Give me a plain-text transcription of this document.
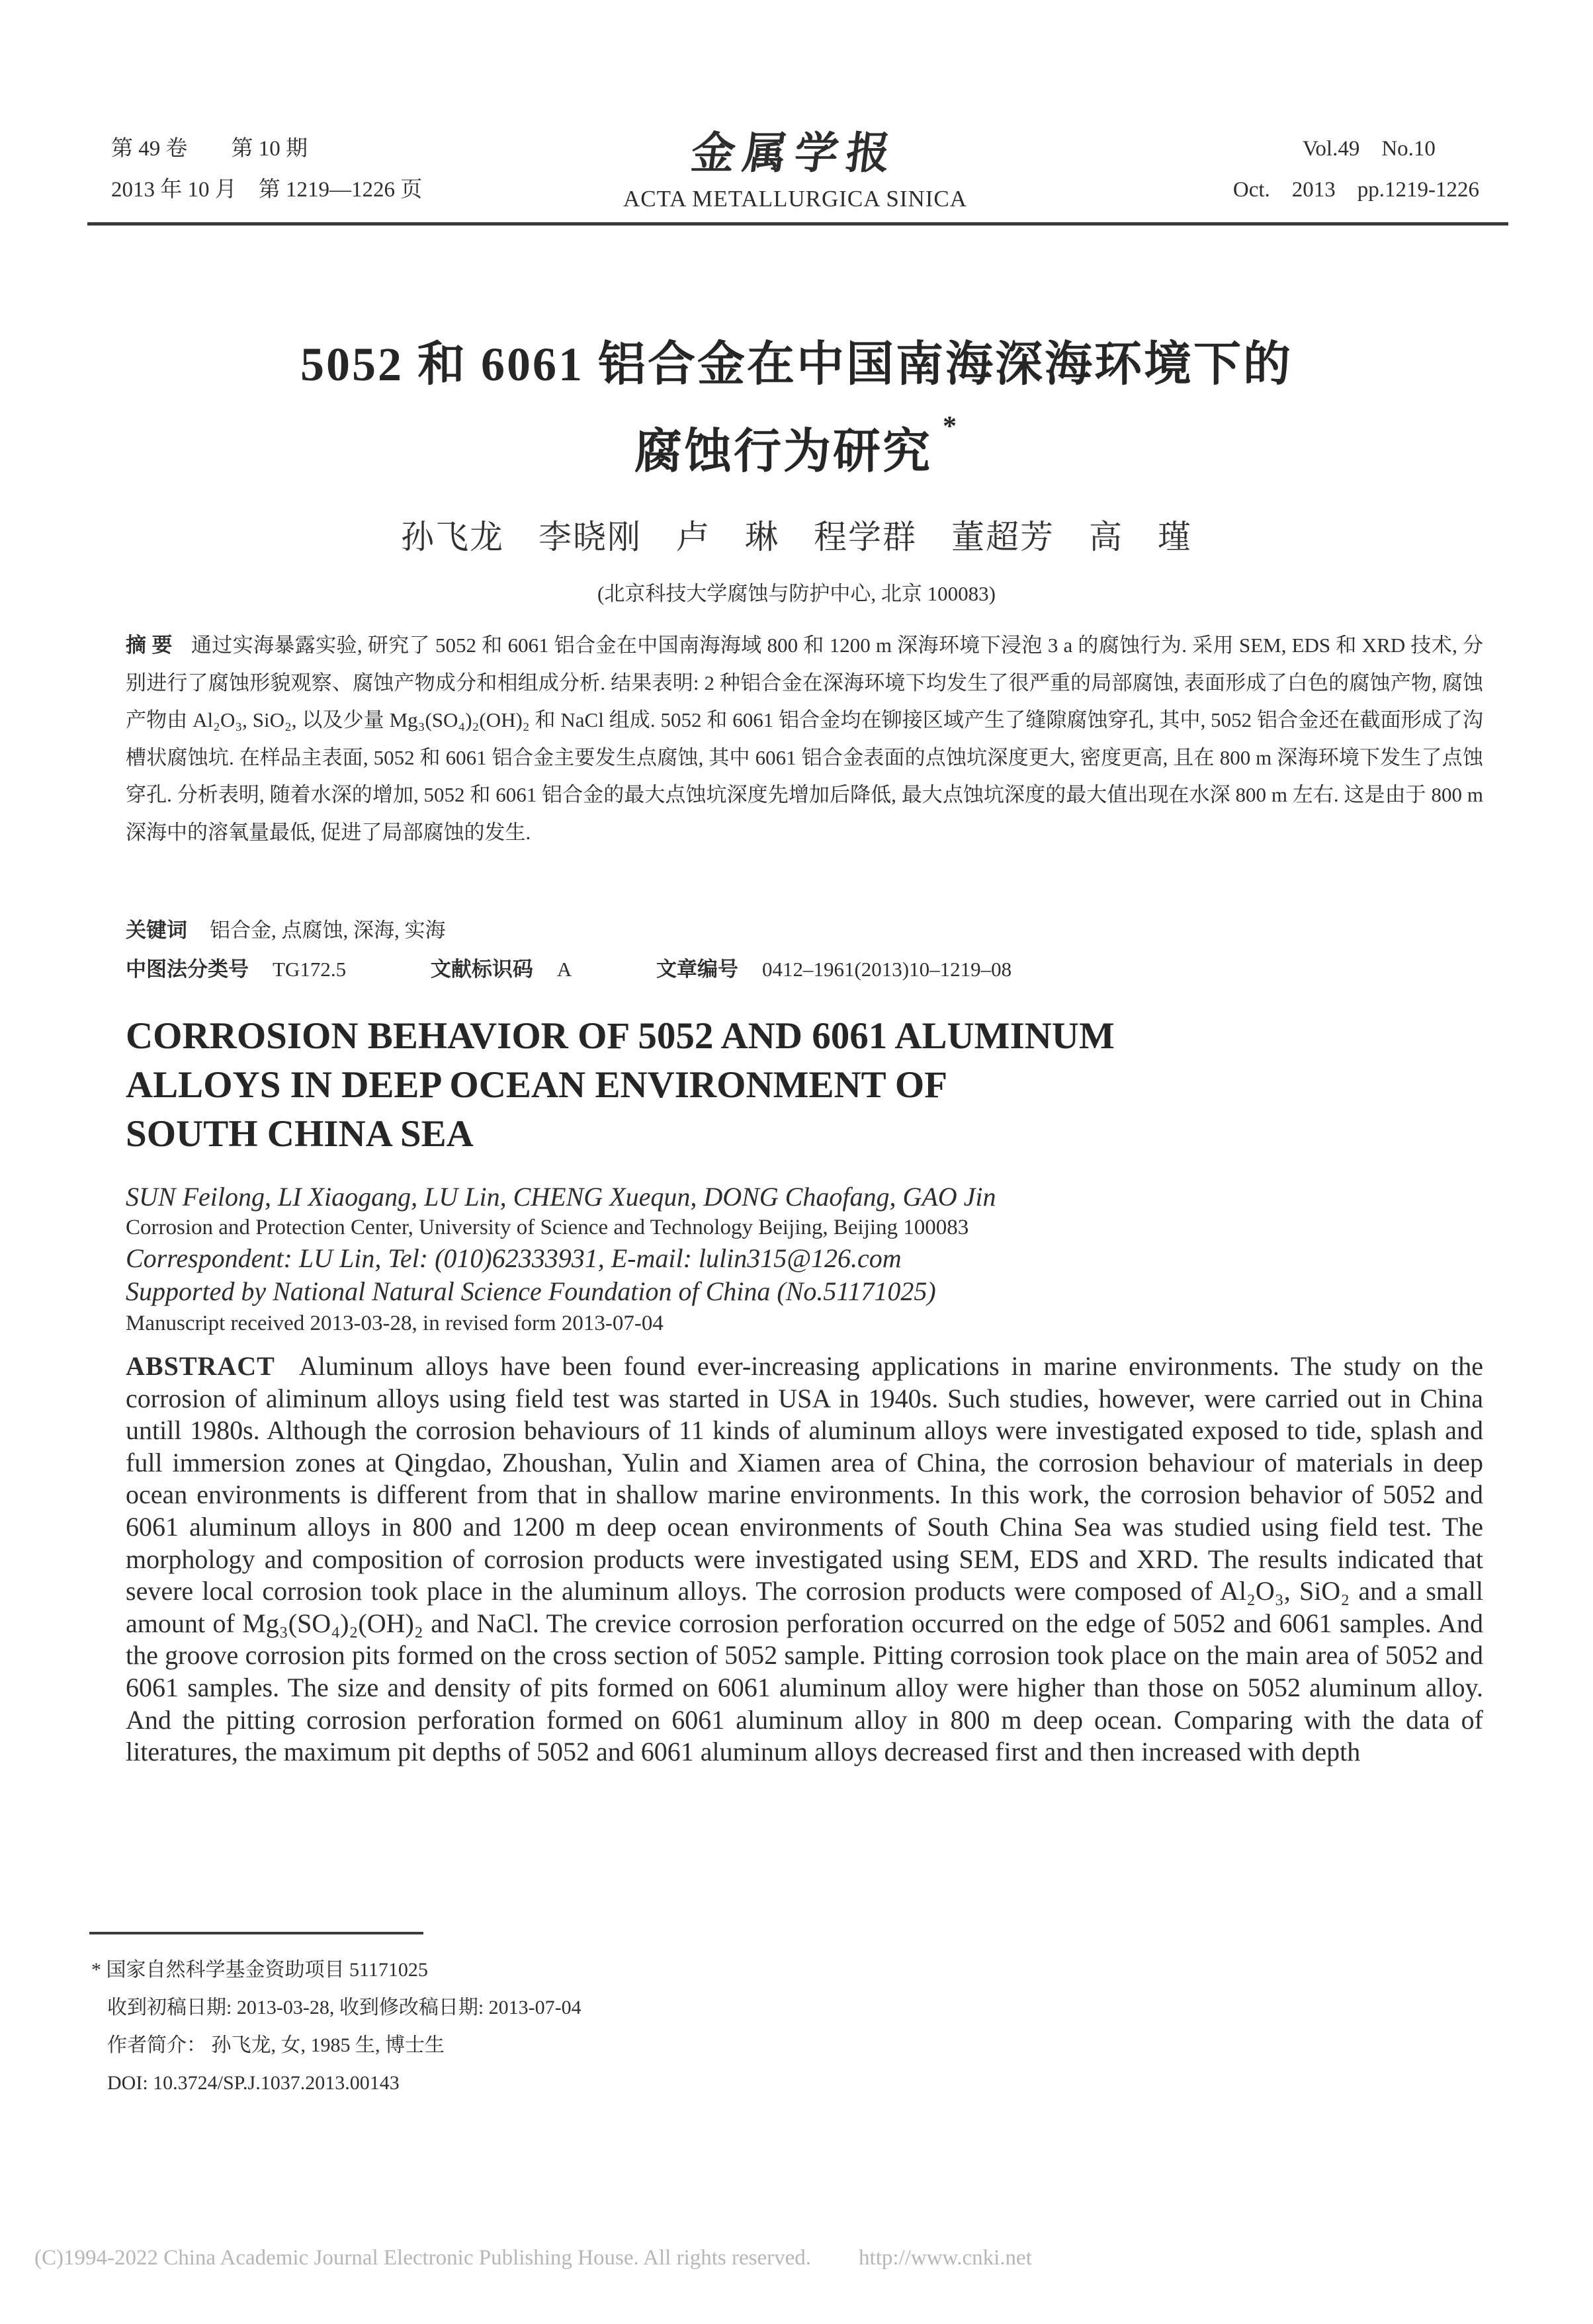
第 49 卷　　第 10 期
2013 年 10 月　第 1219—1226 页
金属学报
ACTA METALLURGICA SINICA
Vol.49　No.10
Oct.　2013　pp.1219-1226
5052 和 6061 铝合金在中国南海深海环境下的
腐蚀行为研究 *
孙飞龙　李晓刚　卢　琳　程学群　董超芳　高　瑾
(北京科技大学腐蚀与防护中心, 北京 100083)

摘 要 通过实海暴露实验, 研究了 5052 和 6061 铝合金在中国南海海域 800 和 1200 m 深海环境下浸泡 3 a 的腐蚀行为. 采用 SEM, EDS 和 XRD 技术, 分别进行了腐蚀形貌观察、腐蚀产物成分和相组成分析. 结果表明: 2 种铝合金在深海环境下均发生了很严重的局部腐蚀, 表面形成了白色的腐蚀产物, 腐蚀产物由 Al₂O₃, SiO₂, 以及少量 Mg₃(SO₄)₂(OH)₂ 和 NaCl 组成. 5052 和 6061 铝合金均在铆接区域产生了缝隙腐蚀穿孔, 其中, 5052 铝合金还在截面形成了沟槽状腐蚀坑. 在样品主表面, 5052 和 6061 铝合金主要发生点腐蚀, 其中 6061 铝合金表面的点蚀坑深度更大, 密度更高, 且在 800 m 深海环境下发生了点蚀穿孔. 分析表明, 随着水深的增加, 5052 和 6061 铝合金的最大点蚀坑深度先增加后降低, 最大点蚀坑深度的最大值出现在水深 800 m 左右. 这是由于 800 m 深海中的溶氧量最低, 促进了局部腐蚀的发生.

关键词 铝合金, 点腐蚀, 深海, 实海

中图法分类号 TG172.5	文献标识码 A	文章编号 0412–1961(2013)10–1219–08

CORROSION BEHAVIOR OF 5052 AND 6061 ALUMINUM
ALLOYS IN DEEP OCEAN ENVIRONMENT OF
SOUTH CHINA SEA
SUN Feilong, LI Xiaogang, LU Lin, CHENG Xuequn, DONG Chaofang, GAO Jin
Corrosion and Protection Center, University of Science and Technology Beijing, Beijing 100083
Correspondent: LU Lin, Tel: (010)62333931, E-mail: lulin315@126.com
Supported by National Natural Science Foundation of China (No.51171025)
Manuscript received 2013-03-28, in revised form 2013-07-04

ABSTRACT Aluminum alloys have been found ever-increasing applications in marine environments. The study on the corrosion of aliminum alloys using field test was started in USA in 1940s. Such studies, however, were carried out in China untill 1980s. Although the corrosion behaviours of 11 kinds of aluminum alloys were investigated exposed to tide, splash and full immersion zones at Qingdao, Zhoushan, Yulin and Xiamen area of China, the corrosion behaviour of materials in deep ocean environments is different from that in shallow marine environments. In this work, the corrosion behavior of 5052 and 6061 aluminum alloys in 800 and 1200 m deep ocean environments of South China Sea was studied using field test. The morphology and composition of corrosion products were investigated using SEM, EDS and XRD. The results indicated that severe local corrosion took place in the aluminum alloys. The corrosion products were composed of Al₂O₃, SiO₂ and a small amount of Mg₃(SO₄)₂(OH)₂ and NaCl. The crevice corrosion perforation occurred on the edge of 5052 and 6061 samples. And the groove corrosion pits formed on the cross section of 5052 sample. Pitting corrosion took place on the main area of 5052 and 6061 samples. The size and density of pits formed on 6061 aluminum alloy were higher than those on 5052 aluminum alloy. And the pitting corrosion perforation formed on 6061 aluminum alloy in 800 m deep ocean. Comparing with the data of literatures, the maximum pit depths of 5052 and 6061 aluminum alloys decreased first and then increased with depth

* 国家自然科学基金资助项目 51171025
收到初稿日期: 2013-03-28, 收到修改稿日期: 2013-07-04
作者简介： 孙飞龙, 女, 1985 生, 博士生
DOI: 10.3724/SP.J.1037.2013.00143
(C)1994-2022 China Academic Journal Electronic Publishing House. All rights reserved. http://www.cnki.net
